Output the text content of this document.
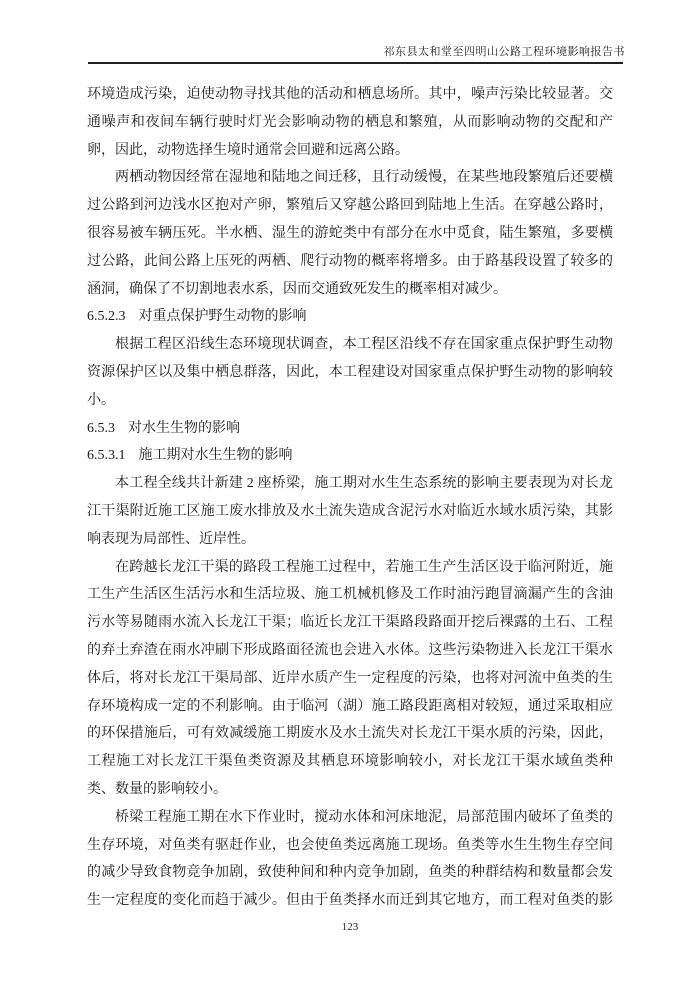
祁东县太和堂至四明山公路工程环境影响报告书
环境造成污染，迫使动物寻找其他的活动和栖息场所。其中，噪声污染比较显著。交
通噪声和夜间车辆行驶时灯光会影响动物的栖息和繁殖，从而影响动物的交配和产
卵，因此，动物选择生境时通常会回避和远离公路。
两栖动物因经常在湿地和陆地之间迁移，且行动缓慢，在某些地段繁殖后还要横
过公路到河边浅水区抱对产卵，繁殖后又穿越公路回到陆地上生活。在穿越公路时，
很容易被车辆压死。半水栖、湿生的游蛇类中有部分在水中觅食，陆生繁殖，多要横
过公路，此间公路上压死的两栖、爬行动物的概率将增多。由于路基段设置了较多的
涵洞，确保了不切割地表水系，因而交通致死发生的概率相对减少。
6.5.2.3 对重点保护野生动物的影响
根据工程区沿线生态环境现状调查，本工程区沿线不存在国家重点保护野生动物
资源保护区以及集中栖息群落，因此，本工程建设对国家重点保护野生动物的影响较
小。
6.5.3 对水生生物的影响
6.5.3.1 施工期对水生生物的影响
本工程全线共计新建 2 座桥梁，施工期对水生生态系统的影响主要表现为对长龙
江干渠附近施工区施工废水排放及水土流失造成含泥污水对临近水域水质污染，其影
响表现为局部性、近岸性。
在跨越长龙江干渠的路段工程施工过程中，若施工生产生活区设于临河附近，施
工生产生活区生活污水和生活垃圾、施工机械机修及工作时油污跑冒滴漏产生的含油
污水等易随雨水流入长龙江干渠；临近长龙江干渠路段路面开挖后裸露的土石、工程
的弃土弃渣在雨水冲刷下形成路面径流也会进入水体。这些污染物进入长龙江干渠水
体后，将对长龙江干渠局部、近岸水质产生一定程度的污染，也将对河流中鱼类的生
存环境构成一定的不利影响。由于临河（湖）施工路段距离相对较短，通过采取相应
的环保措施后，可有效减缓施工期废水及水土流失对长龙江干渠水质的污染，因此，
工程施工对长龙江干渠鱼类资源及其栖息环境影响较小，对长龙江干渠水域鱼类种
类、数量的影响较小。
桥梁工程施工期在水下作业时，搅动水体和河床地泥，局部范围内破坏了鱼类的
生存环境，对鱼类有驱赶作业，也会使鱼类远离施工现场。鱼类等水生生物生存空间
的减少导致食物竞争加剧，致使种间和种内竞争加剧，鱼类的种群结构和数量都会发
生一定程度的变化而趋于减少。但由于鱼类择水而迁到其它地方，而工程对鱼类的影
123
